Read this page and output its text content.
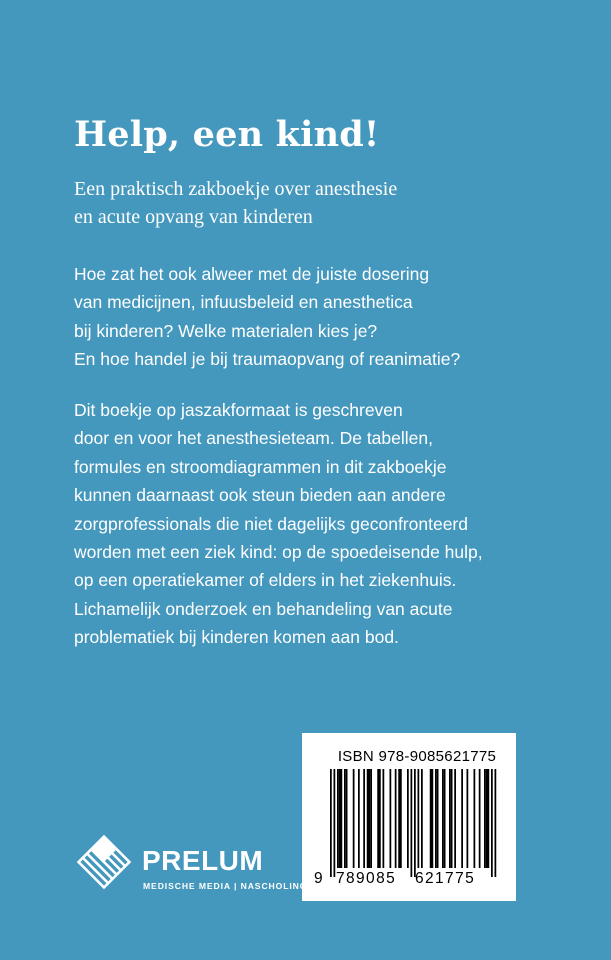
Help, een kind!
Een praktisch zakboekje over anesthesie
en acute opvang van kinderen
Hoe zat het ook alweer met de juiste dosering
van medicijnen, infuusbeleid en anesthetica
bij kinderen? Welke materialen kies je?
En hoe handel je bij traumaopvang of reanimatie?
Dit boekje op jaszakformaat is geschreven
door en voor het anesthesieteam. De tabellen,
formules en stroomdiagrammen in dit zakboekje
kunnen daarnaast ook steun bieden aan andere
zorgprofessionals die niet dagelijks geconfronteerd
worden met een ziek kind: op de spoedeisende hulp,
op een operatiekamer of elders in het ziekenhuis.
Lichamelijk onderzoek en behandeling van acute
problematiek bij kinderen komen aan bod.
ISBN 978-9085621775
9 789085 621775
PRELUM
MEDISCHE MEDIA | NASCHOLING
